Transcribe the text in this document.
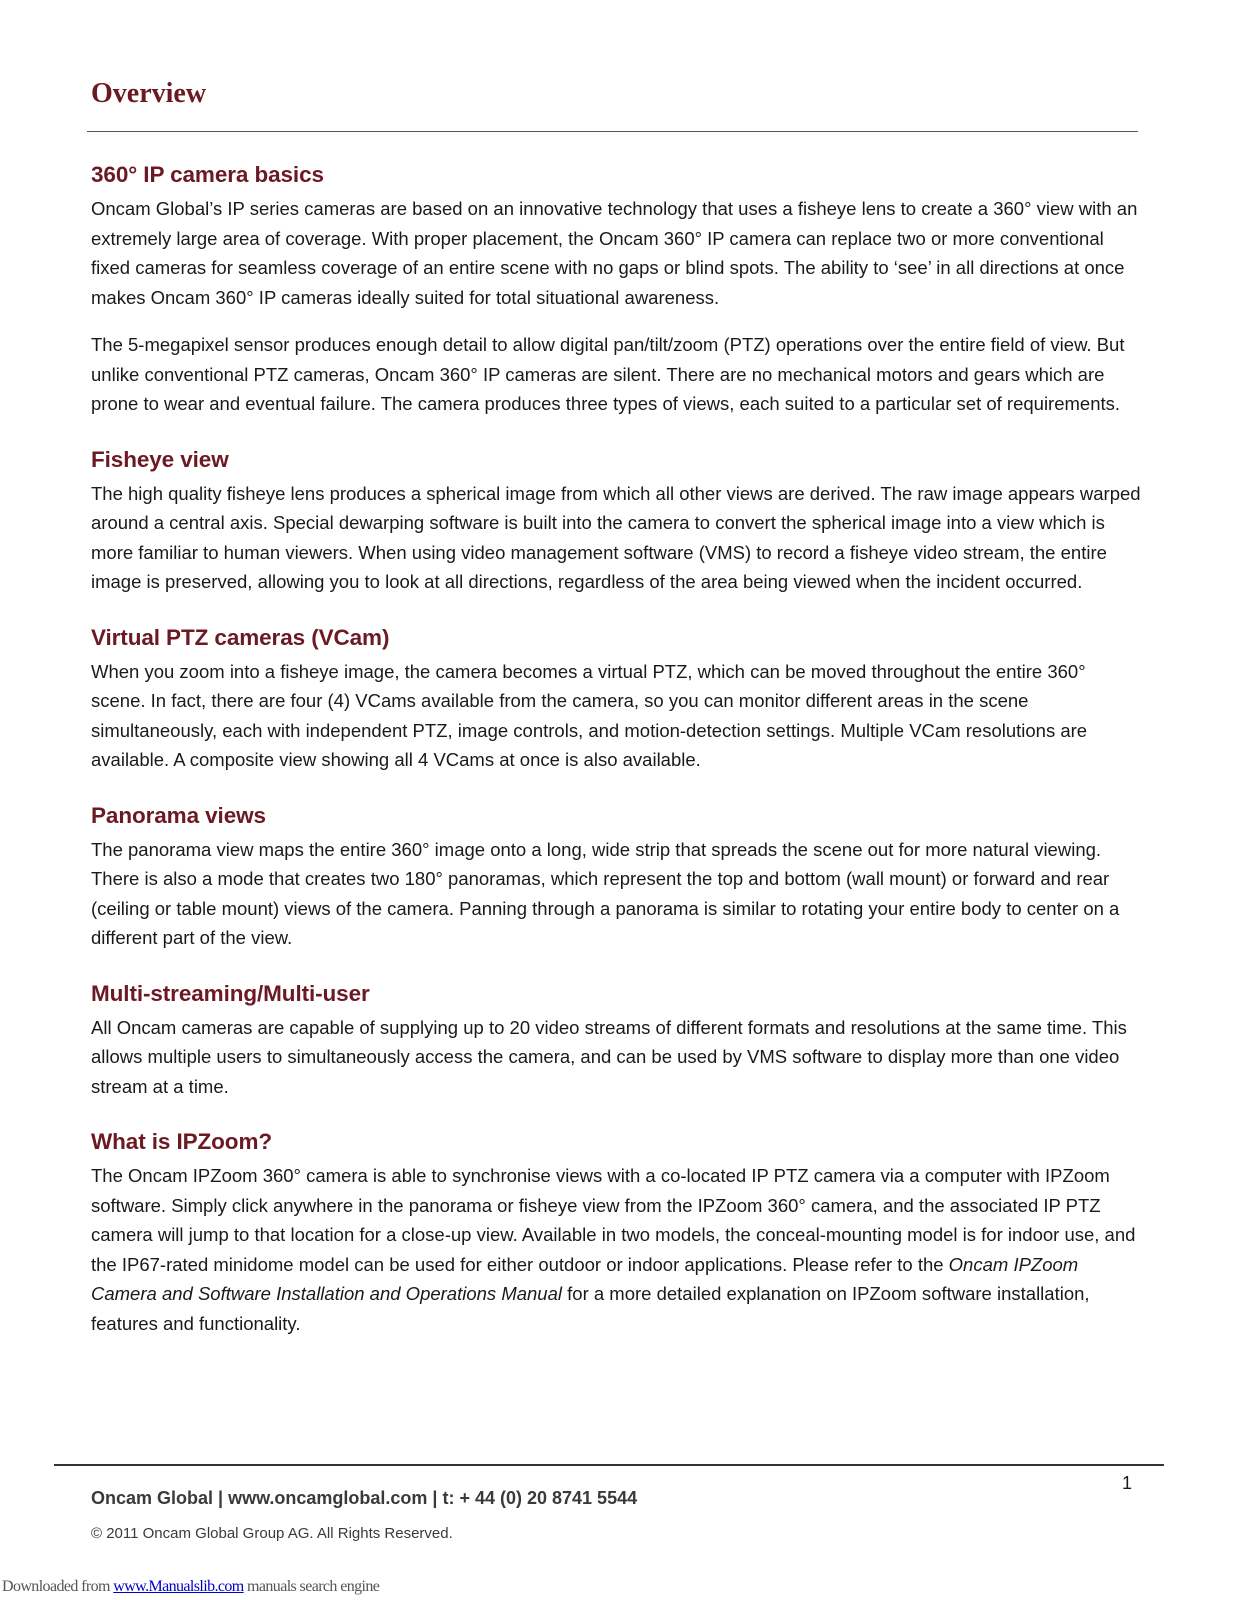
Overview
360° IP camera basics

Oncam Global’s IP series cameras are based on an innovative technology that uses a fisheye lens to create a 360° view with an extremely large area of coverage. With proper placement, the Oncam 360° IP camera can replace two or more conventional fixed cameras for seamless coverage of an entire scene with no gaps or blind spots. The ability to ‘see’ in all directions at once makes Oncam 360° IP cameras ideally suited for total situational awareness.

The 5-megapixel sensor produces enough detail to allow digital pan/tilt/zoom (PTZ) operations over the entire field of view. But unlike conventional PTZ cameras, Oncam 360° IP cameras are silent. There are no mechanical motors and gears which are prone to wear and eventual failure. The camera produces three types of views, each suited to a particular set of requirements.

Fisheye view

The high quality fisheye lens produces a spherical image from which all other views are derived. The raw image appears warped around a central axis. Special dewarping software is built into the camera to convert the spherical image into a view which is more familiar to human viewers. When using video management software (VMS) to record a fisheye video stream, the entire image is preserved, allowing you to look at all directions, regardless of the area being viewed when the incident occurred.

Virtual PTZ cameras (VCam)

When you zoom into a fisheye image, the camera becomes a virtual PTZ, which can be moved throughout the entire 360° scene. In fact, there are four (4) VCams available from the camera, so you can monitor different areas in the scene simultaneously, each with independent PTZ, image controls, and motion-detection settings. Multiple VCam resolutions are available. A composite view showing all 4 VCams at once is also available.

Panorama views

The panorama view maps the entire 360° image onto a long, wide strip that spreads the scene out for more natural viewing. There is also a mode that creates two 180° panoramas, which represent the top and bottom (wall mount) or forward and rear (ceiling or table mount) views of the camera. Panning through a panorama is similar to rotating your entire body to center on a different part of the view.

Multi-streaming/Multi-user

All Oncam cameras are capable of supplying up to 20 video streams of different formats and resolutions at the same time. This allows multiple users to simultaneously access the camera, and can be used by VMS software to display more than one video stream at a time.

What is IPZoom?

The Oncam IPZoom 360° camera is able to synchronise views with a co-located IP PTZ camera via a computer with IPZoom software. Simply click anywhere in the panorama or fisheye view from the IPZoom 360° camera, and the associated IP PTZ camera will jump to that location for a close-up view. Available in two models, the conceal-mounting model is for indoor use, and the IP67-rated minidome model can be used for either outdoor or indoor applications. Please refer to the Oncam IPZoom Camera and Software Installation and Operations Manual for a more detailed explanation on IPZoom software installation, features and functionality.

1
Oncam Global | www.oncamglobal.com | t: + 44 (0) 20 8741 5544
© 2011 Oncam Global Group AG. All Rights Reserved.
Downloaded from www.Manualslib.com manuals search engine
